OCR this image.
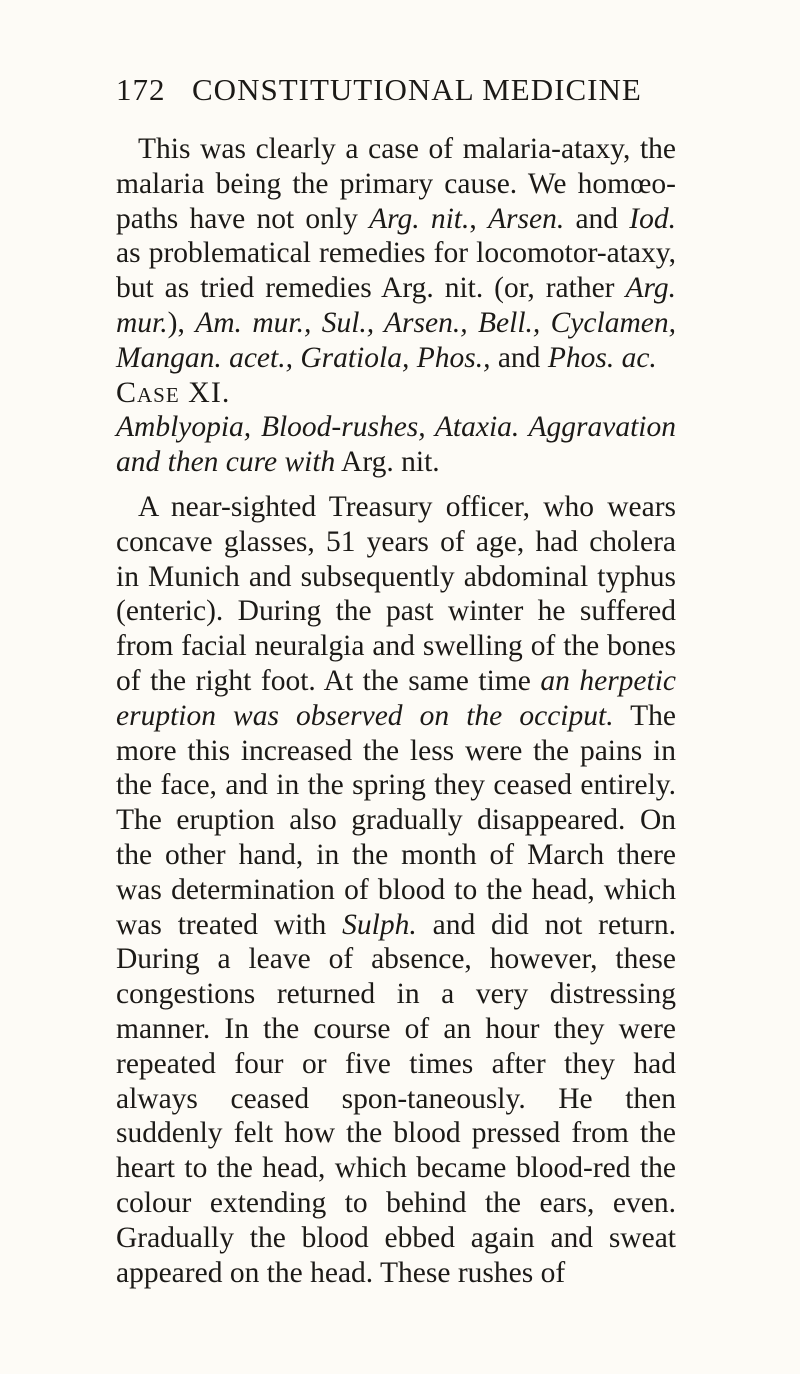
172 CONSTITUTIONAL MEDICINE

This was clearly a case of malaria-ataxy, the malaria being the primary cause. We homœo-paths have not only Arg. nit., Arsen. and Iod. as problematical remedies for locomotor-ataxy, but as tried remedies Arg. nit. (or, rather Arg. mur.), Am. mur., Sul., Arsen., Bell., Cyclamen, Mangan. acet., Gratiola, Phos., and Phos. ac.

Case XI.

Amblyopia, Blood-rushes, Ataxia. Aggravation and then cure with Arg. nit.

A near-sighted Treasury officer, who wears concave glasses, 51 years of age, had cholera in Munich and subsequently abdominal typhus (enteric). During the past winter he suffered from facial neuralgia and swelling of the bones of the right foot. At the same time an herpetic eruption was observed on the occiput. The more this increased the less were the pains in the face, and in the spring they ceased entirely. The eruption also gradually disappeared. On the other hand, in the month of March there was determination of blood to the head, which was treated with Sulph. and did not return. During a leave of absence, however, these congestions returned in a very distressing manner. In the course of an hour they were repeated four or five times after they had always ceased spon-taneously. He then suddenly felt how the blood pressed from the heart to the head, which became blood-red the colour extending to behind the ears, even. Gradually the blood ebbed again and sweat appeared on the head. These rushes of
